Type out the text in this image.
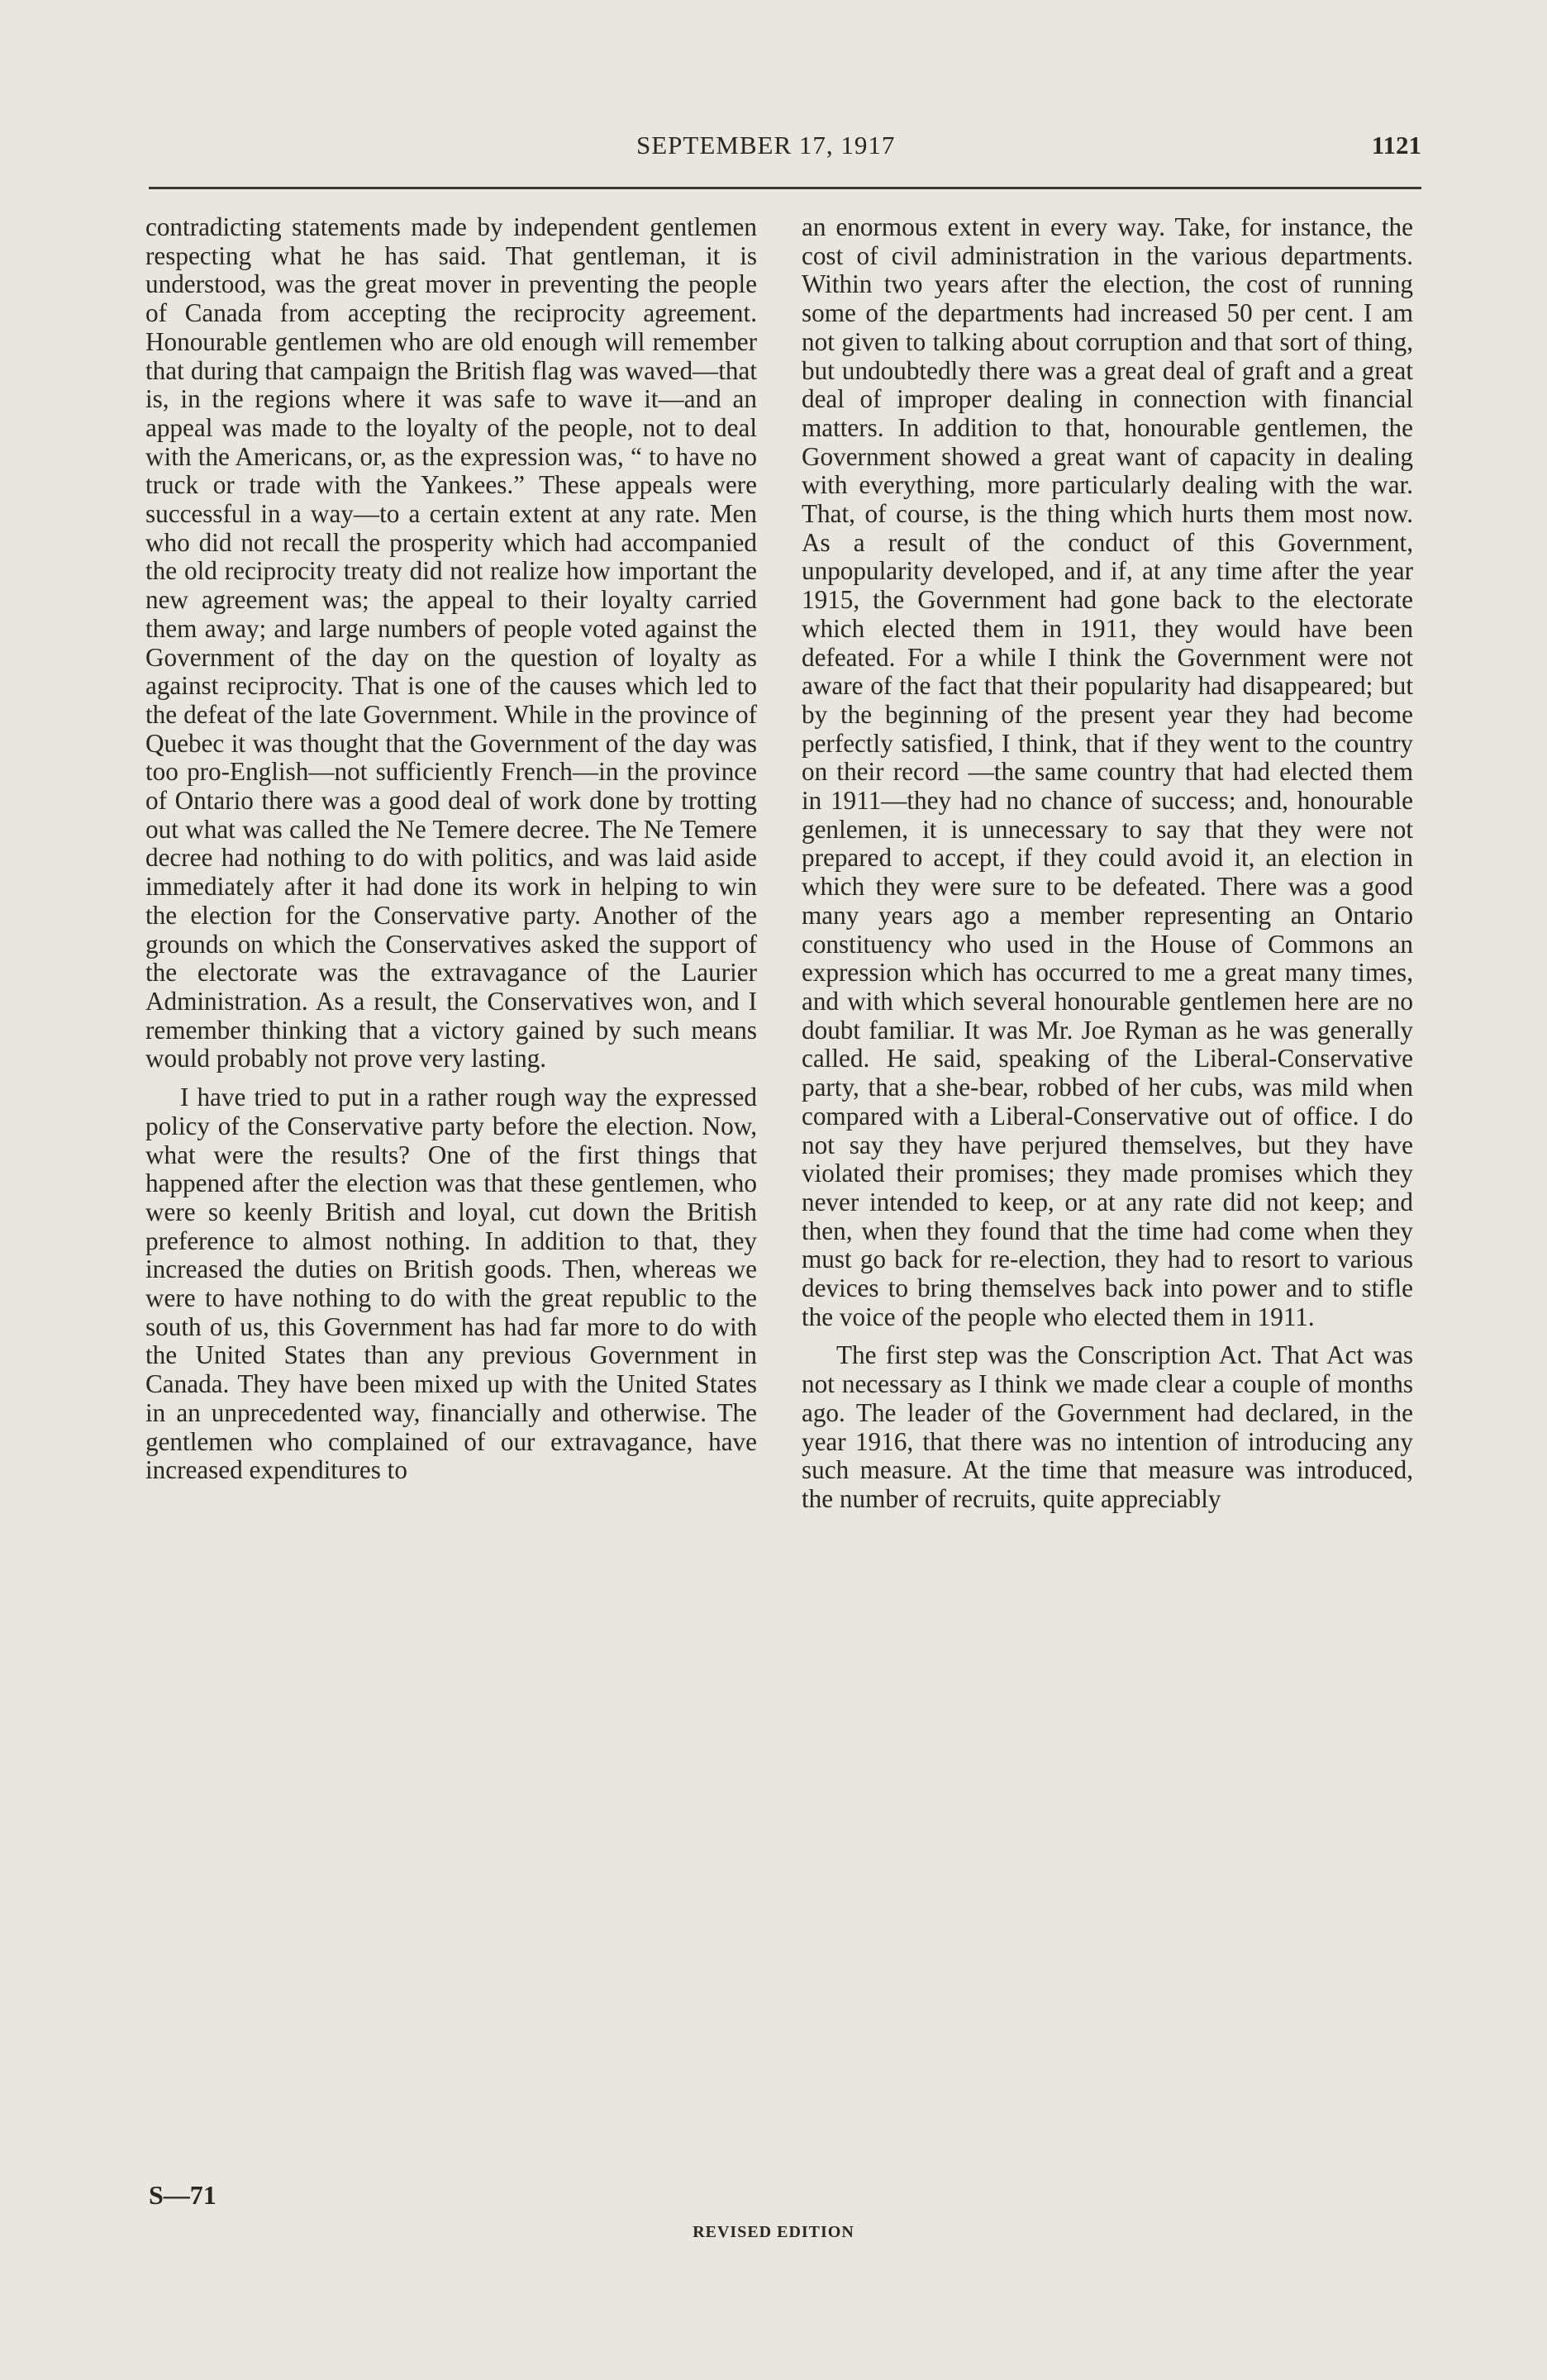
SEPTEMBER 17, 1917	1121

contradicting statements made by independent gentlemen respecting what he has said. That gentleman, it is understood, was the great mover in preventing the people of Canada from accepting the reciprocity agreement. Honourable gentlemen who are old enough will remember that during that campaign the British flag was waved—that is, in the regions where it was safe to wave it—and an appeal was made to the loyalty of the people, not to deal with the Americans, or, as the expression was, “ to have no truck or trade with the Yankees.” These appeals were successful in a way—to a certain extent at any rate. Men who did not recall the prosperity which had accompanied the old reciprocity treaty did not realize how important the new agreement was; the appeal to their loyalty carried them away; and large numbers of people voted against the Government of the day on the question of loyalty as against reciprocity. That is one of the causes which led to the defeat of the late Government. While in the province of Quebec it was thought that the Government of the day was too pro-English—not sufficiently French—in the province of Ontario there was a good deal of work done by trotting out what was called the Ne Temere decree. The Ne Temere decree had nothing to do with politics, and was laid aside immediately after it had done its work in helping to win the election for the Conservative party. Another of the grounds on which the Conservatives asked the support of the electorate was the extravagance of the Laurier Administration. As a result, the Conservatives won, and I remember thinking that a victory gained by such means would probably not prove very lasting.

I have tried to put in a rather rough way the expressed policy of the Conservative party before the election. Now, what were the results? One of the first things that happened after the election was that these gentlemen, who were so keenly British and loyal, cut down the British preference to almost nothing. In addition to that, they increased the duties on British goods. Then, whereas we were to have nothing to do with the great republic to the south of us, this Government has had far more to do with the United States than any previous Government in Canada. They have been mixed up with the United States in an unprecedented way, financially and otherwise. The gentlemen who complained of our extravagance, have increased expenditures to

an enormous extent in every way. Take, for instance, the cost of civil administration in the various departments. Within two years after the election, the cost of running some of the departments had increased 50 per cent. I am not given to talking about corruption and that sort of thing, but undoubtedly there was a great deal of graft and a great deal of improper dealing in connection with financial matters. In addition to that, honourable gentlemen, the Government showed a great want of capacity in dealing with everything, more particularly dealing with the war. That, of course, is the thing which hurts them most now. As a result of the conduct of this Government, unpopularity developed, and if, at any time after the year 1915, the Government had gone back to the electorate which elected them in 1911, they would have been defeated. For a while I think the Government were not aware of the fact that their popularity had disappeared; but by the beginning of the present year they had become perfectly satisfied, I think, that if they went to the country on their record —the same country that had elected them in 1911—they had no chance of success; and, honourable genlemen, it is unnecessary to say that they were not prepared to accept, if they could avoid it, an election in which they were sure to be defeated. There was a good many years ago a member representing an Ontario constituency who used in the House of Commons an expression which has occurred to me a great many times, and with which several honourable gentlemen here are no doubt familiar. It was Mr. Joe Ryman as he was generally called. He said, speaking of the Liberal-Conservative party, that a she-bear, robbed of her cubs, was mild when compared with a Liberal-Conservative out of office. I do not say they have perjured themselves, but they have violated their promises; they made promises which they never intended to keep, or at any rate did not keep; and then, when they found that the time had come when they must go back for re-election, they had to resort to various devices to bring themselves back into power and to stifle the voice of the people who elected them in 1911.

The first step was the Conscription Act. That Act was not necessary as I think we made clear a couple of months ago. The leader of the Government had declared, in the year 1916, that there was no intention of introducing any such measure. At the time that measure was introduced, the number of recruits, quite appreciably

S—71
REVISED EDITION
